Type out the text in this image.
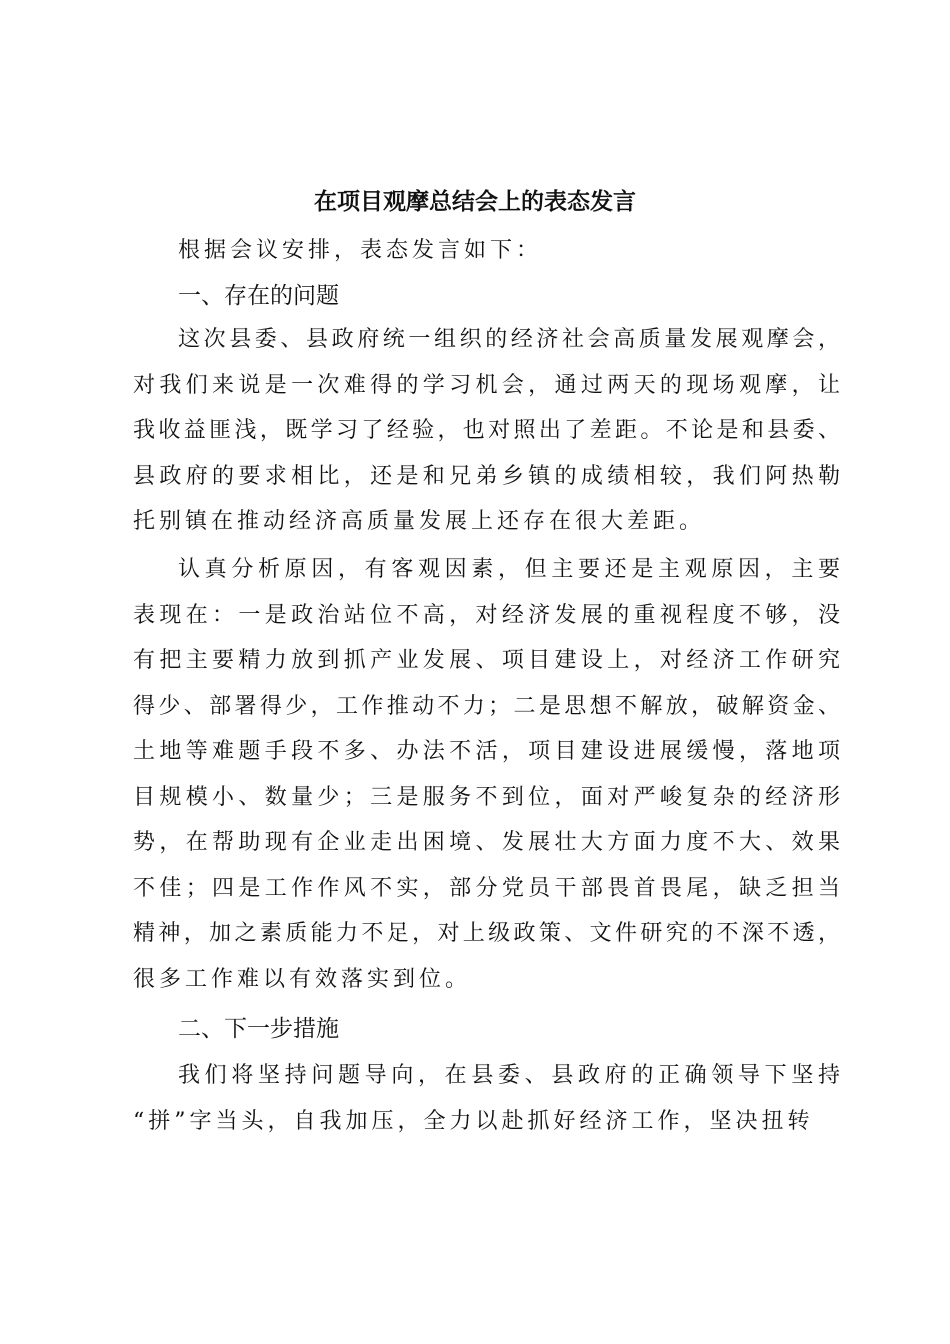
在项目观摩总结会上的表态发言
根据会议安排，表态发言如下：
一、存在的问题
二、下一步措施
这次县委、县政府统一组织的经济社会高质量发展观摩会，
对我们来说是一次难得的学习机会，通过两天的现场观摩，让
我收益匪浅，既学习了经验，也对照出了差距。不论是和县委、
县政府的要求相比，还是和兄弟乡镇的成绩相较，我们阿热勒
托别镇在推动经济高质量发展上还存在很大差距。
认真分析原因，有客观因素，但主要还是主观原因，主要
表现在：一是政治站位不高，对经济发展的重视程度不够，没
有把主要精力放到抓产业发展、项目建设上，对经济工作研究
得少、部署得少，工作推动不力；二是思想不解放，破解资金、
土地等难题手段不多、办法不活，项目建设进展缓慢，落地项
目规模小、数量少；三是服务不到位，面对严峻复杂的经济形
势，在帮助现有企业走出困境、发展壮大方面力度不大、效果
不佳；四是工作作风不实，部分党员干部畏首畏尾，缺乏担当
精神，加之素质能力不足，对上级政策、文件研究的不深不透，
很多工作难以有效落实到位。
我们将坚持问题导向，在县委、县政府的正确领导下坚持
“拼”字当头，自我加压，全力以赴抓好经济工作，坚决扭转
